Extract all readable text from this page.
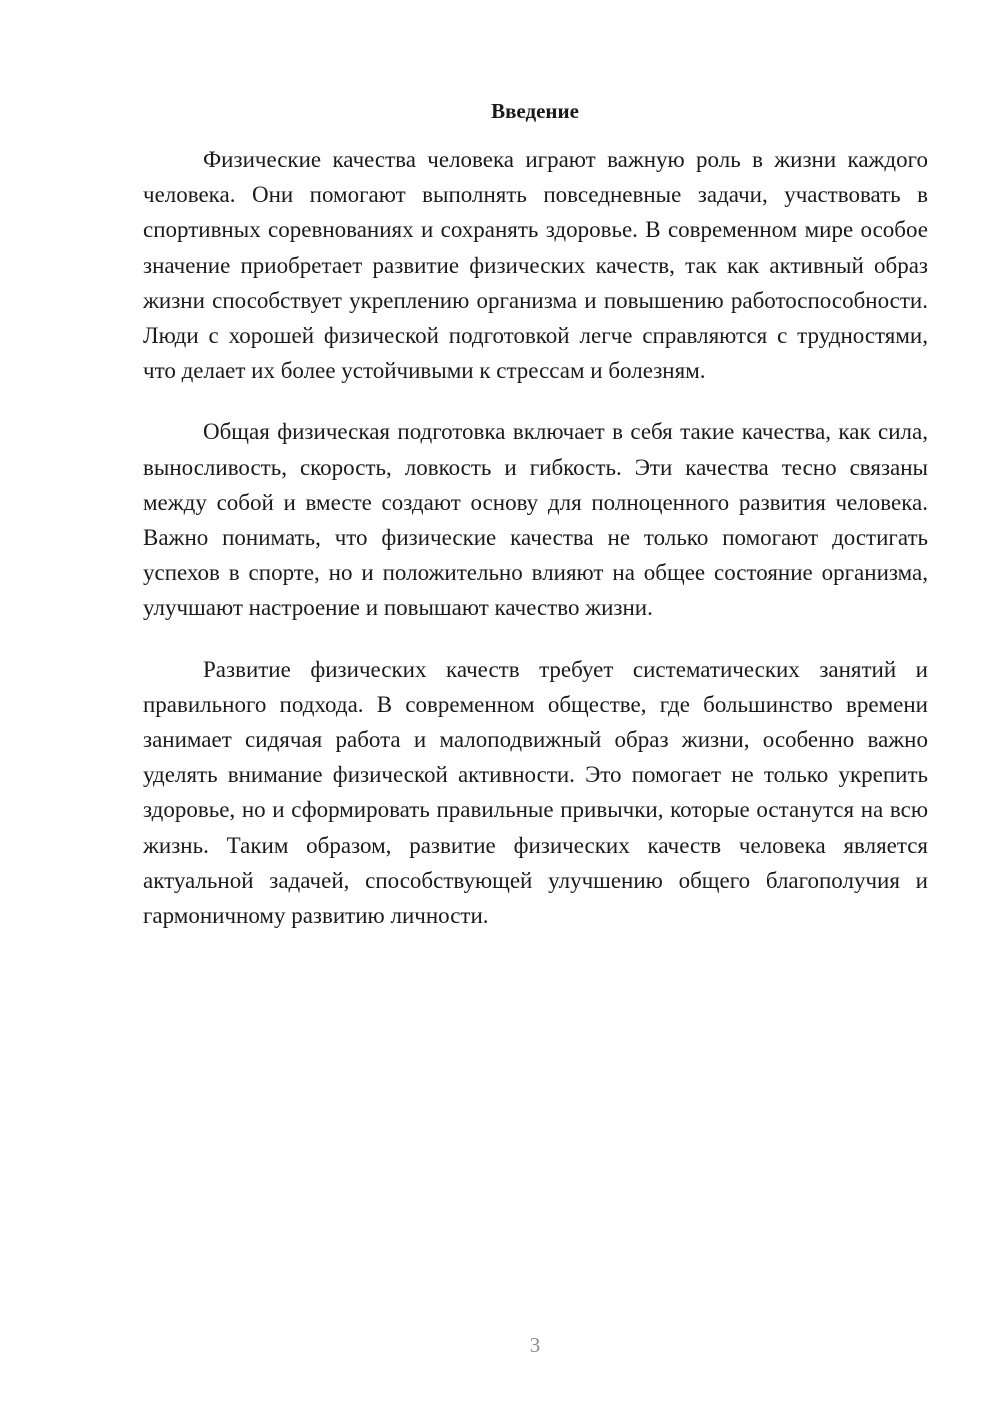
Введение

Физические качества человека играют важную роль в жизни каждого человека. Они помогают выполнять повседневные задачи, участвовать в спортивных соревнованиях и сохранять здоровье. В современном мире особое значение приобретает развитие физических качеств, так как активный образ жизни способствует укреплению организма и повышению работоспособности. Люди с хорошей физической подготовкой легче справляются с трудностями, что делает их более устойчивыми к стрессам и болезням.

Общая физическая подготовка включает в себя такие качества, как сила, выносливость, скорость, ловкость и гибкость. Эти качества тесно связаны между собой и вместе создают основу для полноценного развития человека. Важно понимать, что физические качества не только помогают достигать успехов в спорте, но и положительно влияют на общее состояние организма, улучшают настроение и повышают качество жизни.

Развитие физических качеств требует систематических занятий и правильного подхода. В современном обществе, где большинство времени занимает сидячая работа и малоподвижный образ жизни, особенно важно уделять внимание физической активности. Это помогает не только укрепить здоровье, но и сформировать правильные привычки, которые останутся на всю жизнь. Таким образом, развитие физических качеств человека является актуальной задачей, способствующей улучшению общего благополучия и гармоничному развитию личности.

3
